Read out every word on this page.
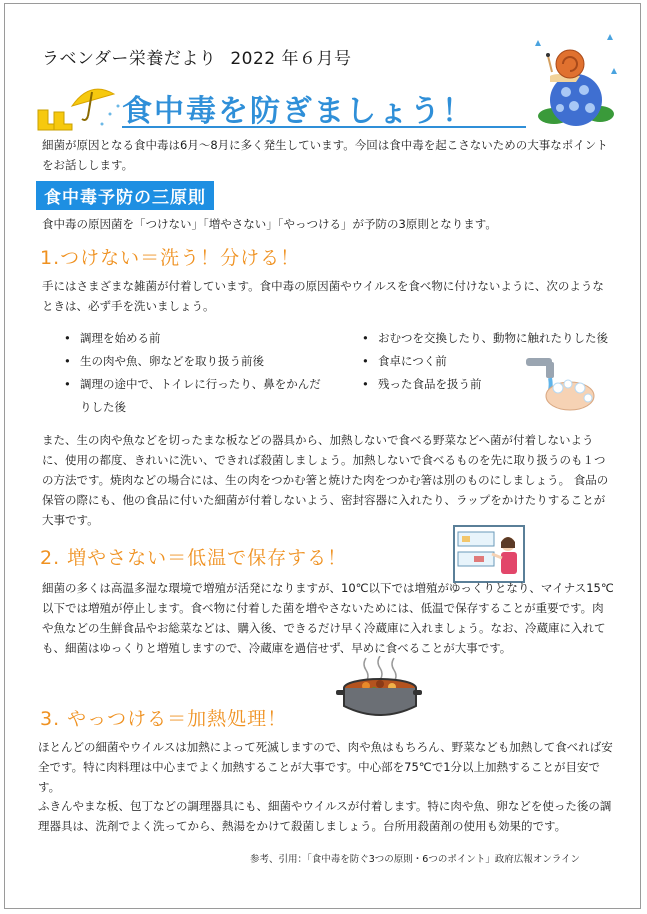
ラベンダー栄養だより 2022 年６月号
食中毒を防ぎましょう！
細菌が原因となる食中毒は6月～8月に多く発生しています。今回は食中毒を起こさないための大事なポイントをお話しします。
食中毒予防の三原則
食中毒の原因菌を「つけない」「増やさない」「やっつける」が予防の3原則となります。
1.つけない＝洗う！分ける！
手にはさまざまな雑菌が付着しています。食中毒の原因菌やウイルスを食べ物に付けないように、次のようなときは、必ず手を洗いましょう。
• 調理を始める前
• 生の肉や魚、卵などを取り扱う前後
• 調理の途中で、トイレに行ったり、鼻をかんだりした後
• おむつを交換したり、動物に触れたりした後
• 食卓につく前
• 残った食品を扱う前
また、生の肉や魚などを切ったまな板などの器具から、加熱しないで食べる野菜などへ菌が付着しないように、使用の都度、きれいに洗い、できれば殺菌しましょう。加熱しないで食べるものを先に取り扱うのも１つの方法です。焼肉などの場合には、生の肉をつかむ箸と焼けた肉をつかむ箸は別のものにしましょう。 食品の保管の際にも、他の食品に付いた細菌が付着しないよう、密封容器に入れたり、ラップをかけたりすることが大事です。
2. 増やさない＝低温で保存する！
細菌の多くは高温多湿な環境で増殖が活発になりますが、10℃以下では増殖がゆっくりとなり、マイナス15℃以下では増殖が停止します。食べ物に付着した菌を増やさないためには、低温で保存することが重要です。肉や魚などの生鮮食品やお総菜などは、購入後、できるだけ早く冷蔵庫に入れましょう。なお、冷蔵庫に入れても、細菌はゆっくりと増殖しますので、冷蔵庫を過信せず、早めに食べることが大事です。
3. やっつける＝加熱処理！
ほとんどの細菌やウイルスは加熱によって死滅しますので、肉や魚はもちろん、野菜なども加熱して食べれば安全です。特に肉料理は中心までよく加熱することが大事です。中心部を75℃で1分以上加熱することが目安です。
ふきんやまな板、包丁などの調理器具にも、細菌やウイルスが付着します。特に肉や魚、卵などを使った後の調理器具は、洗剤でよく洗ってから、熱湯をかけて殺菌しましょう。台所用殺菌剤の使用も効果的です。
参考、引用：「食中毒を防ぐ3つの原則・6つのポイント」政府広報オンライン
